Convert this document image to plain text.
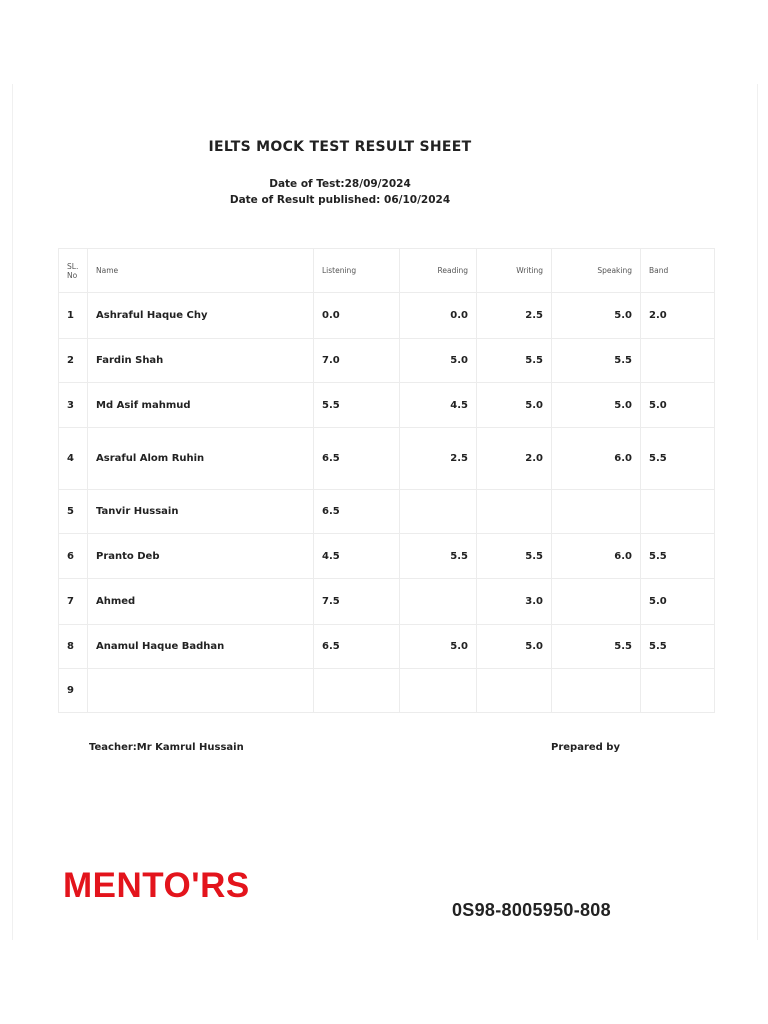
IELTS MOCK TEST RESULT SHEET
Date of Test:28/09/2024
Date of Result published: 06/10/2024
SL.
No	Name	Listening	Reading	Writing	Speaking	Band
1	Ashraful Haque Chy	0.0	0.0	2.5	5.0	2.0
2	Fardin Shah	7.0	5.0	5.5	5.5	
3	Md Asif mahmud	5.5	4.5	5.0	5.0	5.0
4	Asraful Alom Ruhin	6.5	2.5	2.0	6.0	5.5
5	Tanvir Hussain	6.5				
6	Pranto Deb	4.5	5.5	5.5	6.0	5.5
7	Ahmed	7.5		3.0		5.0
8	Anamul Haque Badhan	6.5	5.0	5.0	5.5	5.5
9						
Teacher:Mr Kamrul Hussain	Prepared by
MENTO'RS
0S98-8005950-808
